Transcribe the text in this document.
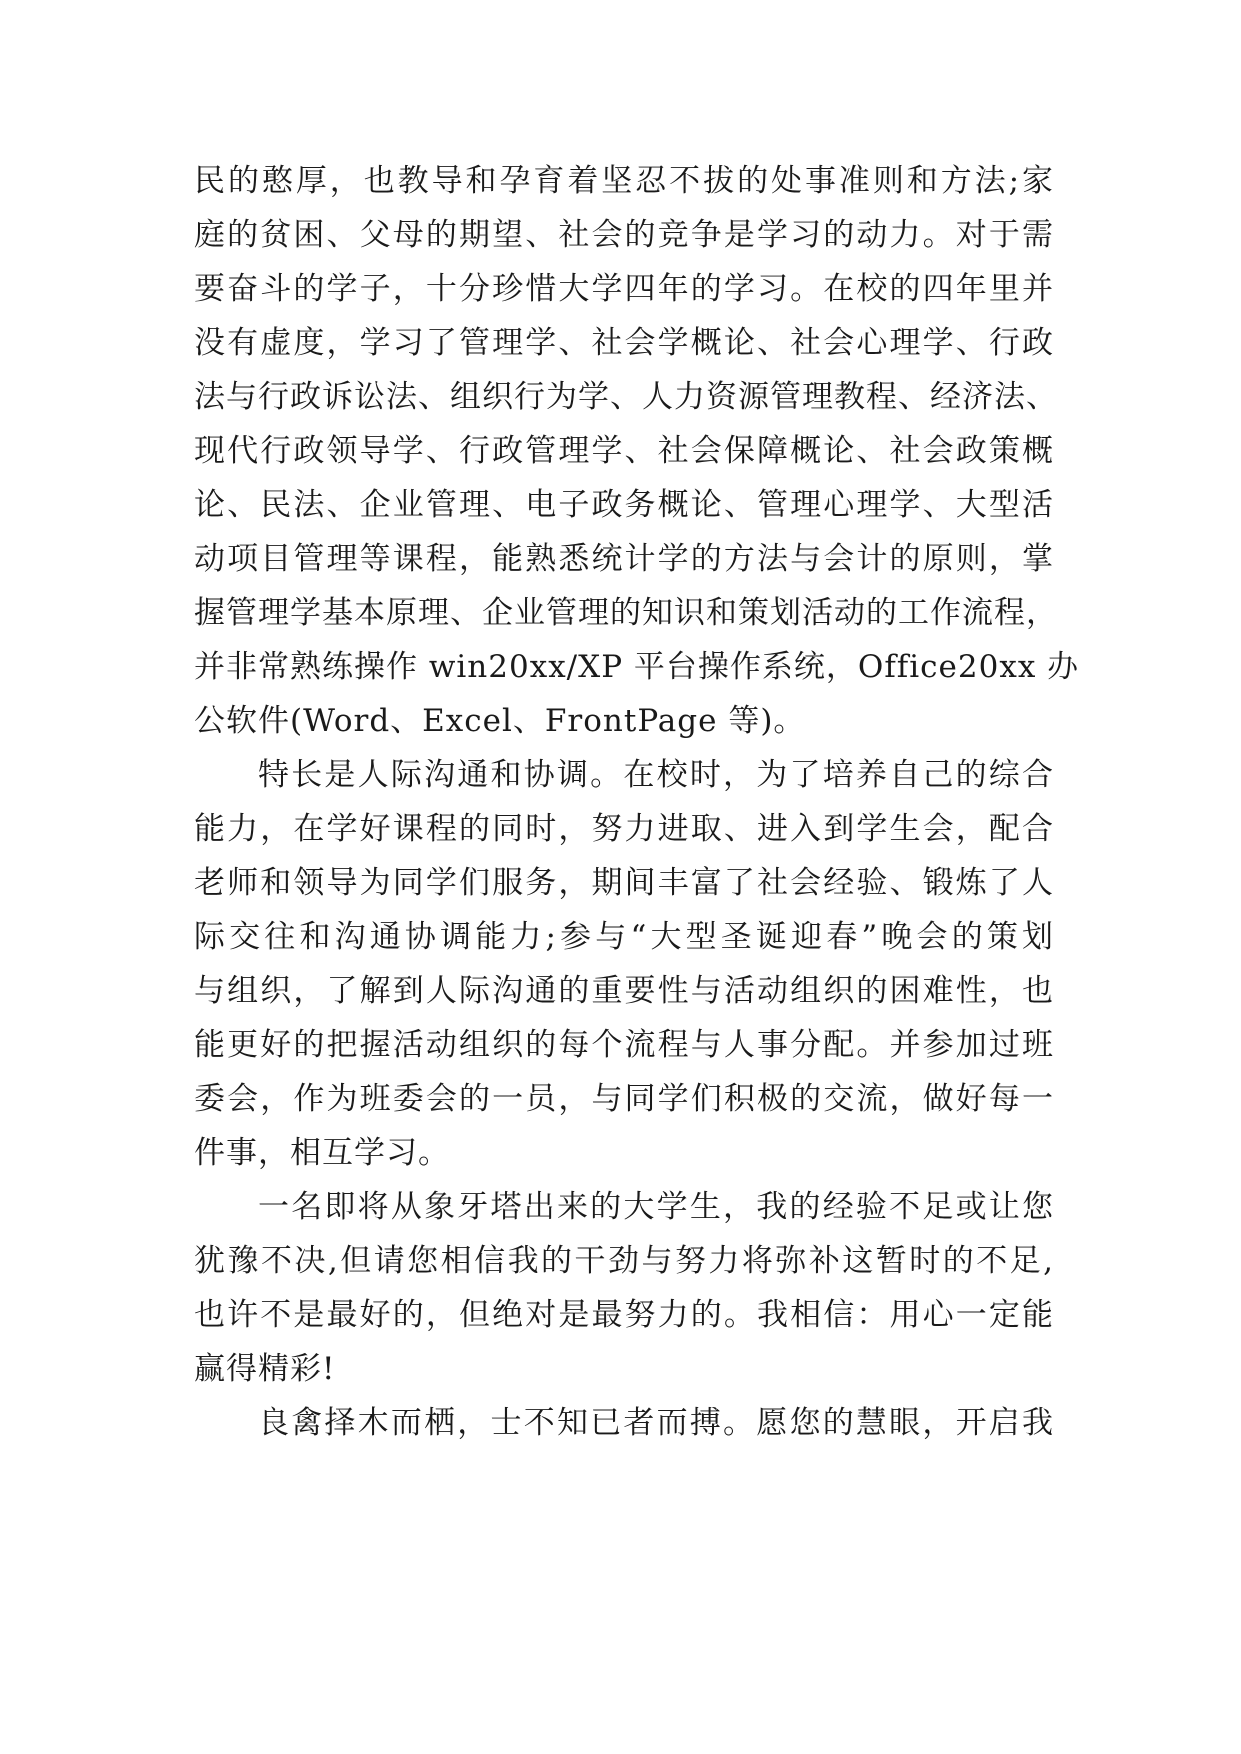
民的憨厚，也教导和孕育着坚忍不拔的处事准则和方法;家
庭的贫困、父母的期望、社会的竞争是学习的动力。对于需
要奋斗的学子，十分珍惜大学四年的学习。在校的四年里并
没有虚度，学习了管理学、社会学概论、社会心理学、行政
法与行政诉讼法、组织行为学、人力资源管理教程、经济法、
现代行政领导学、行政管理学、社会保障概论、社会政策概
论、民法、企业管理、电子政务概论、管理心理学、大型活
动项目管理等课程，能熟悉统计学的方法与会计的原则，掌
握管理学基本原理、企业管理的知识和策划活动的工作流程，
并非常熟练操作 win20xx/XP 平台操作系统，Office20xx 办
公软件(Word、Excel、FrontPage 等)。
特长是人际沟通和协调。在校时，为了培养自己的综合
能力，在学好课程的同时，努力进取、进入到学生会，配合
老师和领导为同学们服务，期间丰富了社会经验、锻炼了人
际交往和沟通协调能力;参与“大型圣诞迎春”晚会的策划
与组织，了解到人际沟通的重要性与活动组织的困难性，也
能更好的把握活动组织的每个流程与人事分配。并参加过班
委会，作为班委会的一员，与同学们积极的交流，做好每一
件事，相互学习。
一名即将从象牙塔出来的大学生，我的经验不足或让您
犹豫不决,但请您相信我的干劲与努力将弥补这暂时的不足,
也许不是最好的，但绝对是最努力的。我相信：用心一定能
赢得精彩!
良禽择木而栖，士不知已者而搏。愿您的慧眼，开启我
